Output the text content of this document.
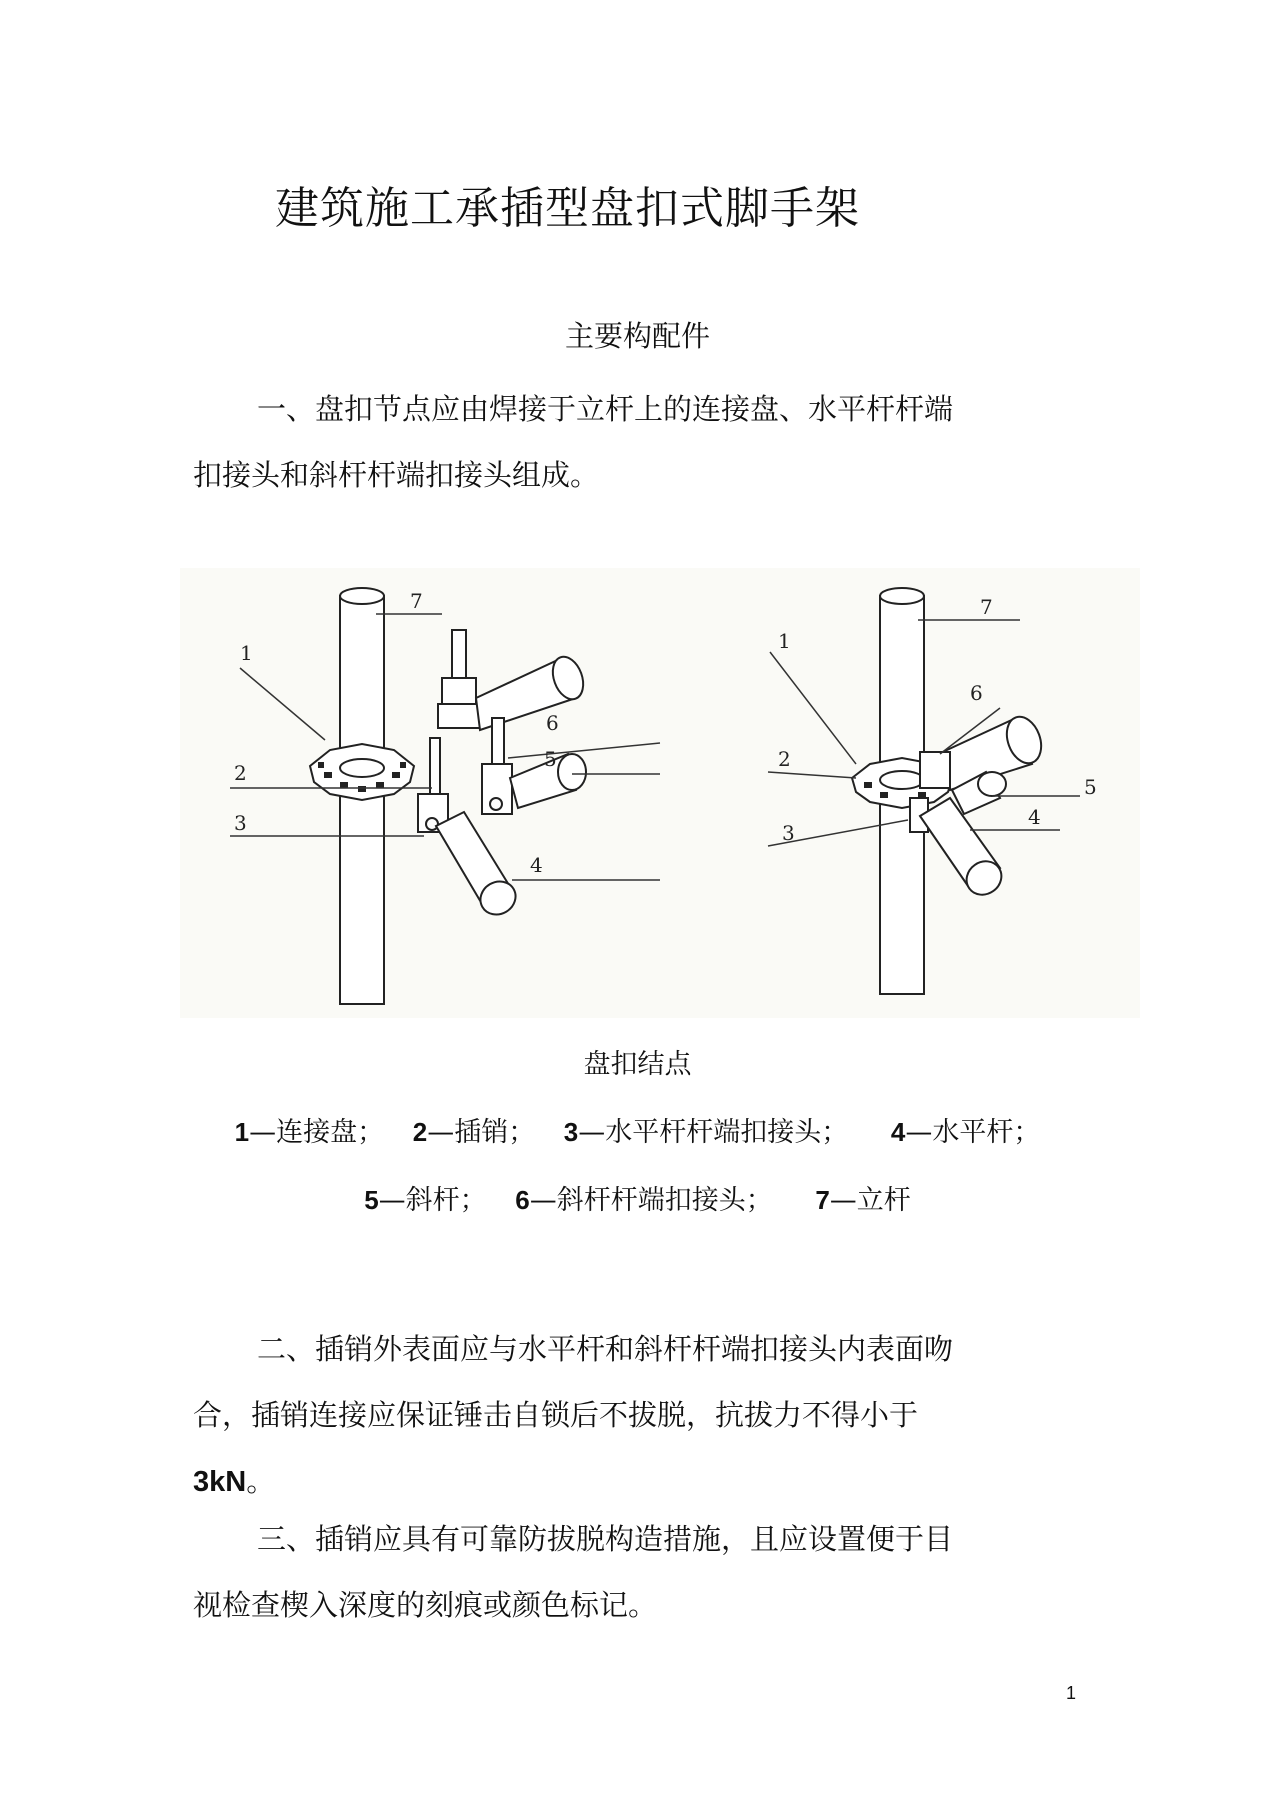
建筑施工承插型盘扣式脚手架
主要构配件
一、盘扣节点应由焊接于立杆上的连接盘、水平杆杆端
扣接头和斜杆杆端扣接头组成。
1
2
3
4
5
6
7
1
2
3
4
5
6
7
盘扣结点
1—连接盘； 2—插销； 3—水平杆杆端扣接头； 4—水平杆；
5—斜杆； 6—斜杆杆端扣接头； 7—立杆
二、插销外表面应与水平杆和斜杆杆端扣接头内表面吻
合，插销连接应保证锤击自锁后不拔脱，抗拔力不得小于
3kN。
三、插销应具有可靠防拔脱构造措施，且应设置便于目
视检查楔入深度的刻痕或颜色标记。
1
